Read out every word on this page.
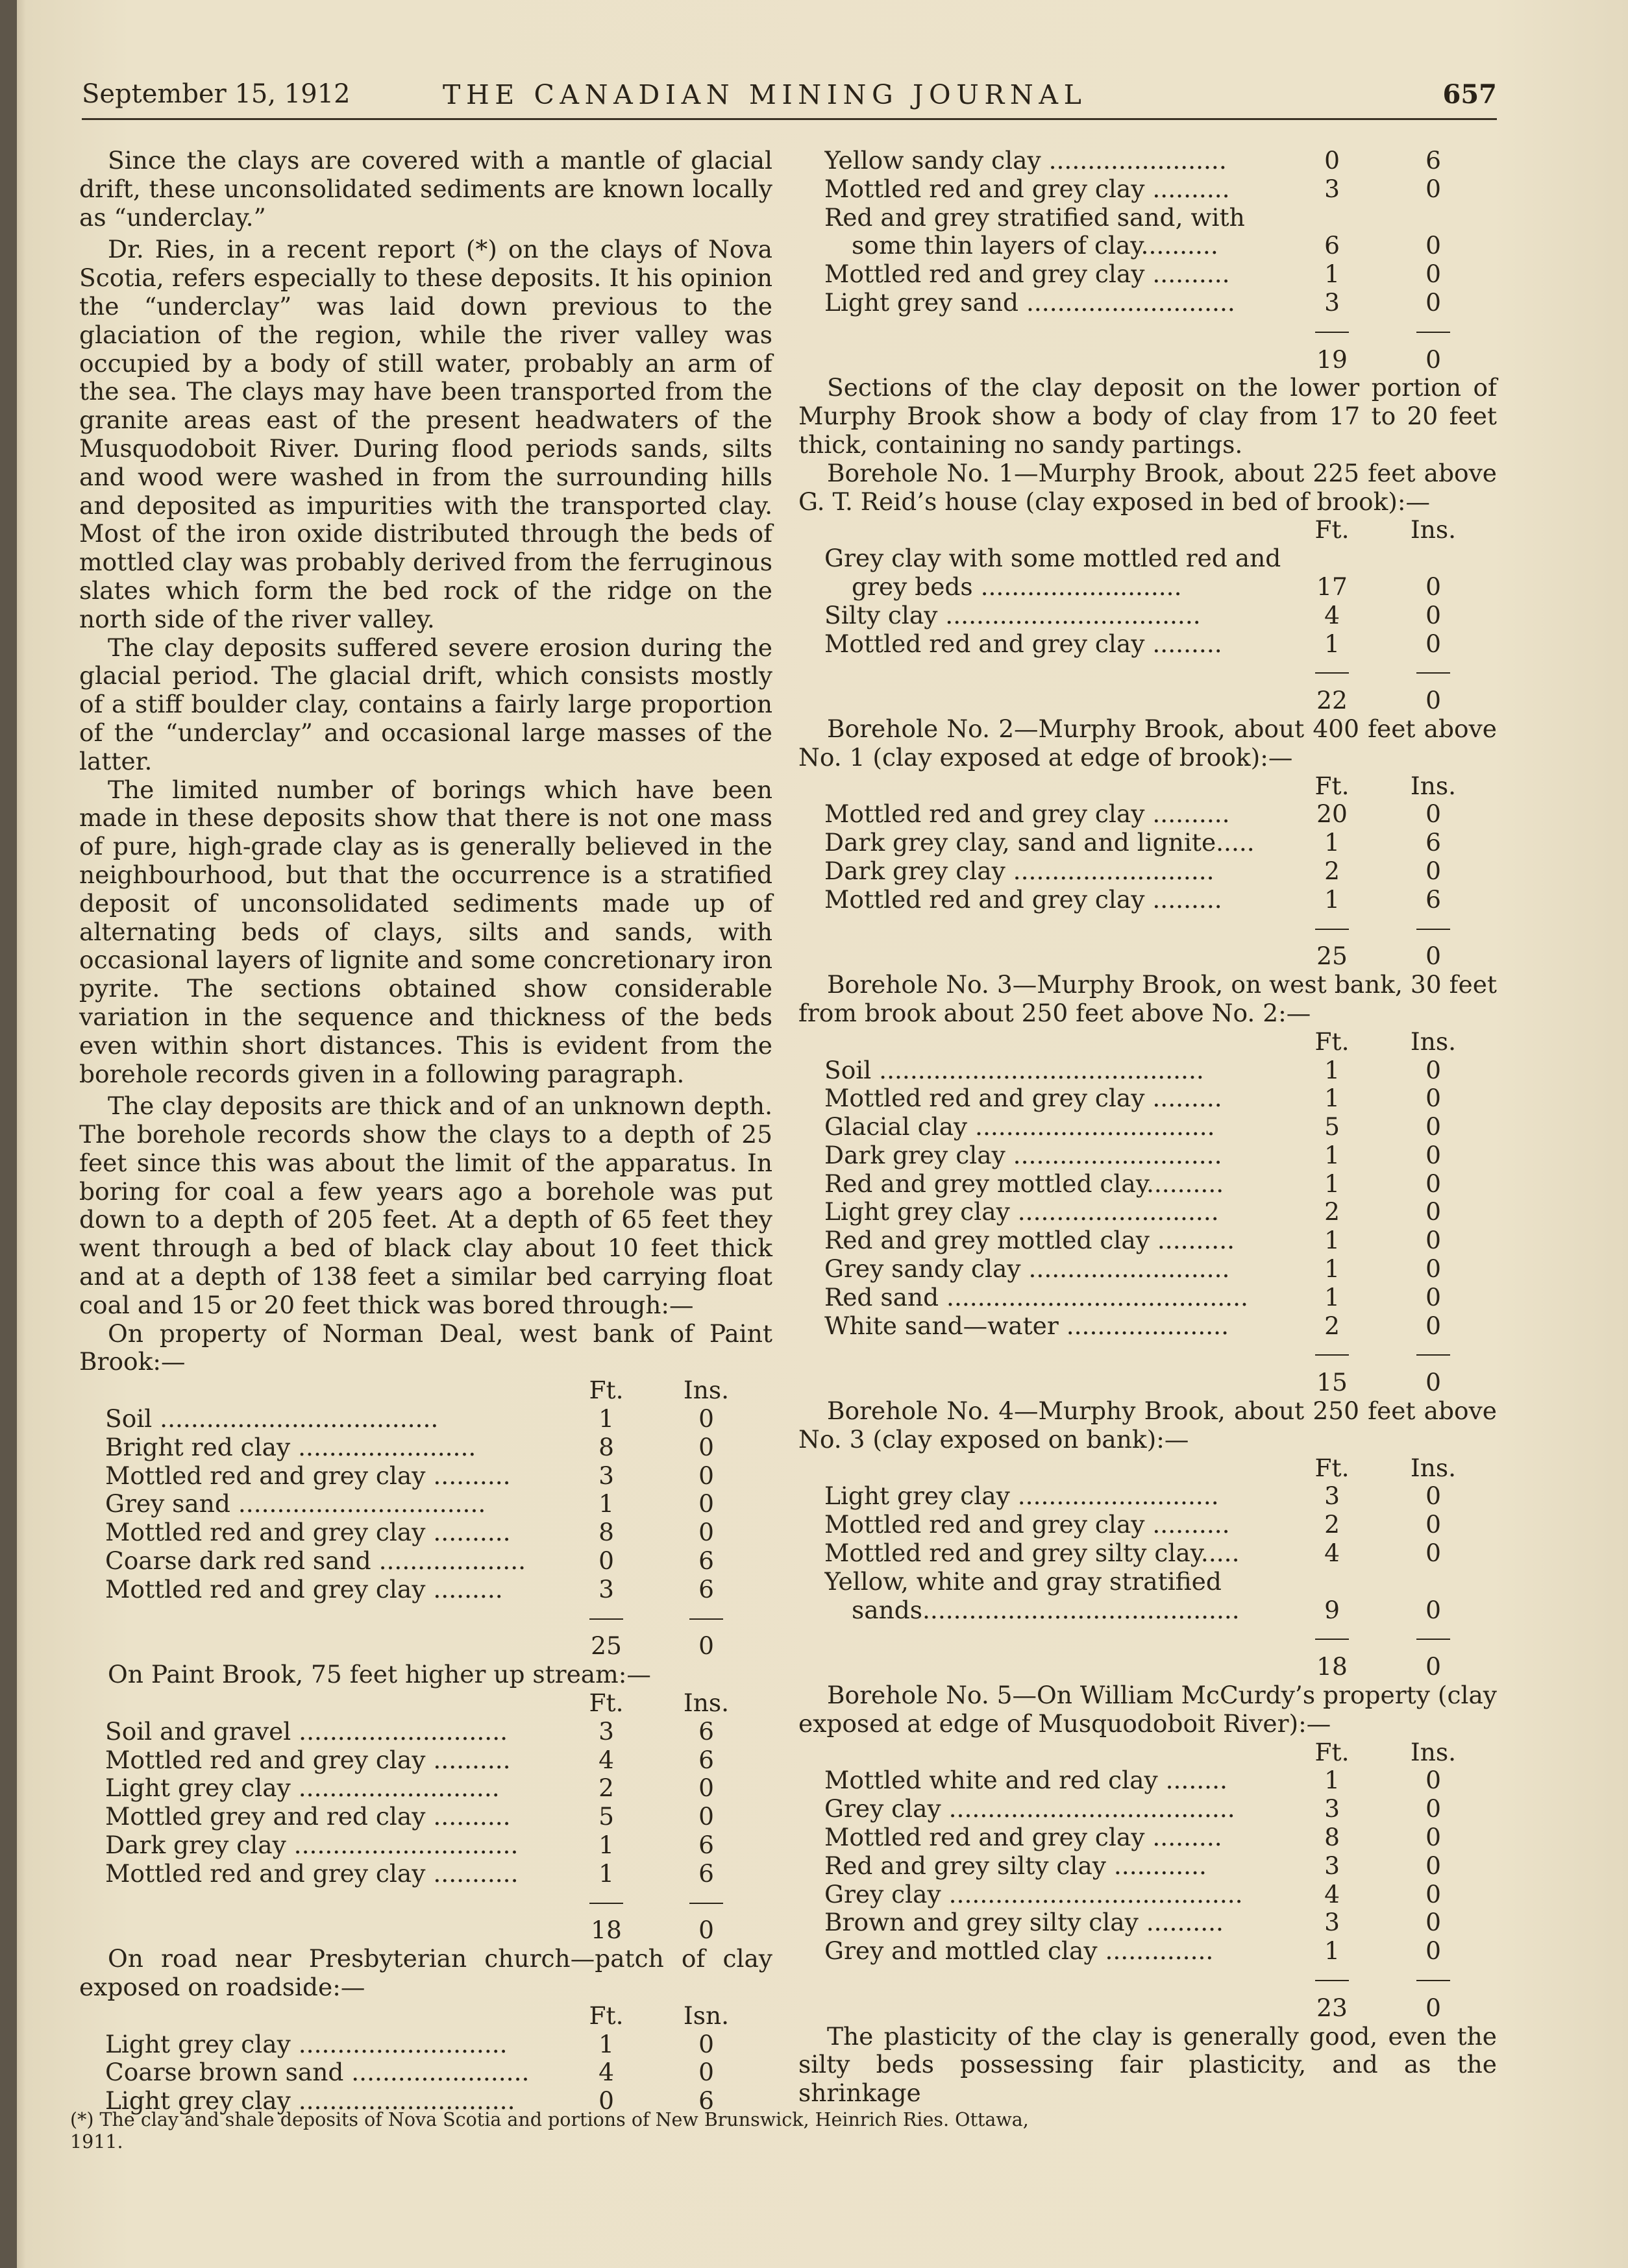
September 15, 1912	THE CANADIAN MINING JOURNAL	657

Since the clays are covered with a mantle of glacial drift, these unconsolidated sediments are known locally as “underclay.”

Dr. Ries, in a recent report (*) on the clays of Nova Scotia, refers especially to these deposits. It his opinion the “underclay” was laid down previous to the glaciation of the region, while the river valley was occupied by a body of still water, probably an arm of the sea. The clays may have been transported from the granite areas east of the present headwaters of the Musquodoboit River. During flood periods sands, silts and wood were washed in from the surrounding hills and deposited as impurities with the transported clay. Most of the iron oxide distributed through the beds of mottled clay was probably derived from the ferruginous slates which form the bed rock of the ridge on the north side of the river valley.

The clay deposits suffered severe erosion during the glacial period. The glacial drift, which consists mostly of a stiff boulder clay, contains a fairly large proportion of the “underclay” and occasional large masses of the latter.

The limited number of borings which have been made in these deposits show that there is not one mass of pure, high-grade clay as is generally believed in the neighbourhood, but that the occurrence is a stratified deposit of unconsolidated sediments made up of alternating beds of clays, silts and sands, with occasional layers of lignite and some concretionary iron pyrite. The sections obtained show considerable variation in the sequence and thickness of the beds even within short distances. This is evident from the borehole records given in a following paragraph.

The clay deposits are thick and of an unknown depth. The borehole records show the clays to a depth of 25 feet since this was about the limit of the apparatus. In boring for coal a few years ago a borehole was put down to a depth of 205 feet. At a depth of 65 feet they went through a bed of black clay about 10 feet thick and at a depth of 138 feet a similar bed carrying float coal and 15 or 20 feet thick was bored through:—

On property of Norman Deal, west bank of Paint Brook:—

Ft.	Ins.
Soil ....................................	1	0
Bright red clay .......................	8	0
Mottled red and grey clay ..........	3	0
Grey sand ................................	1	0
Mottled red and grey clay ..........	8	0
Coarse dark red sand ...................	0	6
Mottled red and grey clay .........	3	6
25	0

On Paint Brook, 75 feet higher up stream:—

Ft.	Ins.
Soil and gravel ...........................	3	6
Mottled red and grey clay ..........	4	6
Light grey clay ..........................	2	0
Mottled grey and red clay ..........	5	0
Dark grey clay .............................	1	6
Mottled red and grey clay ...........	1	6
18	0

On road near Presbyterian church—patch of clay exposed on roadside:—

Ft.	Isn.
Light grey clay ...........................	1	0
Coarse brown sand .......................	4	0
Light grey clay ............................	0	6
Yellow sandy clay .......................	0	6
Mottled red and grey clay ..........	3	0
Red and grey stratified sand, with
some thin layers of clay..........	6	0
Mottled red and grey clay ..........	1	0
Light grey sand ...........................	3	0
19	0

Sections of the clay deposit on the lower portion of Murphy Brook show a body of clay from 17 to 20 feet thick, containing no sandy partings.

Borehole No. 1—Murphy Brook, about 225 feet above G. T. Reid’s house (clay exposed in bed of brook):—

Ft.	Ins.
Grey clay with some mottled red and
grey beds ..........................	17	0
Silty clay .................................	4	0
Mottled red and grey clay .........	1	0
22	0

Borehole No. 2—Murphy Brook, about 400 feet above No. 1 (clay exposed at edge of brook):—

Ft.	Ins.
Mottled red and grey clay ..........	20	0
Dark grey clay, sand and lignite.....	1	6
Dark grey clay ..........................	2	0
Mottled red and grey clay .........	1	6
25	0

Borehole No. 3—Murphy Brook, on west bank, 30 feet from brook about 250 feet above No. 2:—

Ft.	Ins.
Soil ..........................................	1	0
Mottled red and grey clay .........	1	0
Glacial clay ...............................	5	0
Dark grey clay ...........................	1	0
Red and grey mottled clay..........	1	0
Light grey clay ..........................	2	0
Red and grey mottled clay ..........	1	0
Grey sandy clay ..........................	1	0
Red sand .......................................	1	0
White sand—water .....................	2	0
15	0

Borehole No. 4—Murphy Brook, about 250 feet above No. 3 (clay exposed on bank):—

Ft.	Ins.
Light grey clay ..........................	3	0
Mottled red and grey clay ..........	2	0
Mottled red and grey silty clay.....	4	0
Yellow, white and gray stratified
sands.........................................	9	0
18	0

Borehole No. 5—On William McCurdy’s property (clay exposed at edge of Musquodoboit River):—

Ft.	Ins.
Mottled white and red clay ........	1	0
Grey clay .....................................	3	0
Mottled red and grey clay .........	8	0
Red and grey silty clay ............	3	0
Grey clay ......................................	4	0
Brown and grey silty clay ..........	3	0
Grey and mottled clay ..............	1	0
23	0

The plasticity of the clay is generally good, even the silty beds possessing fair plasticity, and as the shrinkage

(*) The clay and shale deposits of Nova Scotia and portions of New Brunswick, Heinrich Ries. Ottawa, 1911.
